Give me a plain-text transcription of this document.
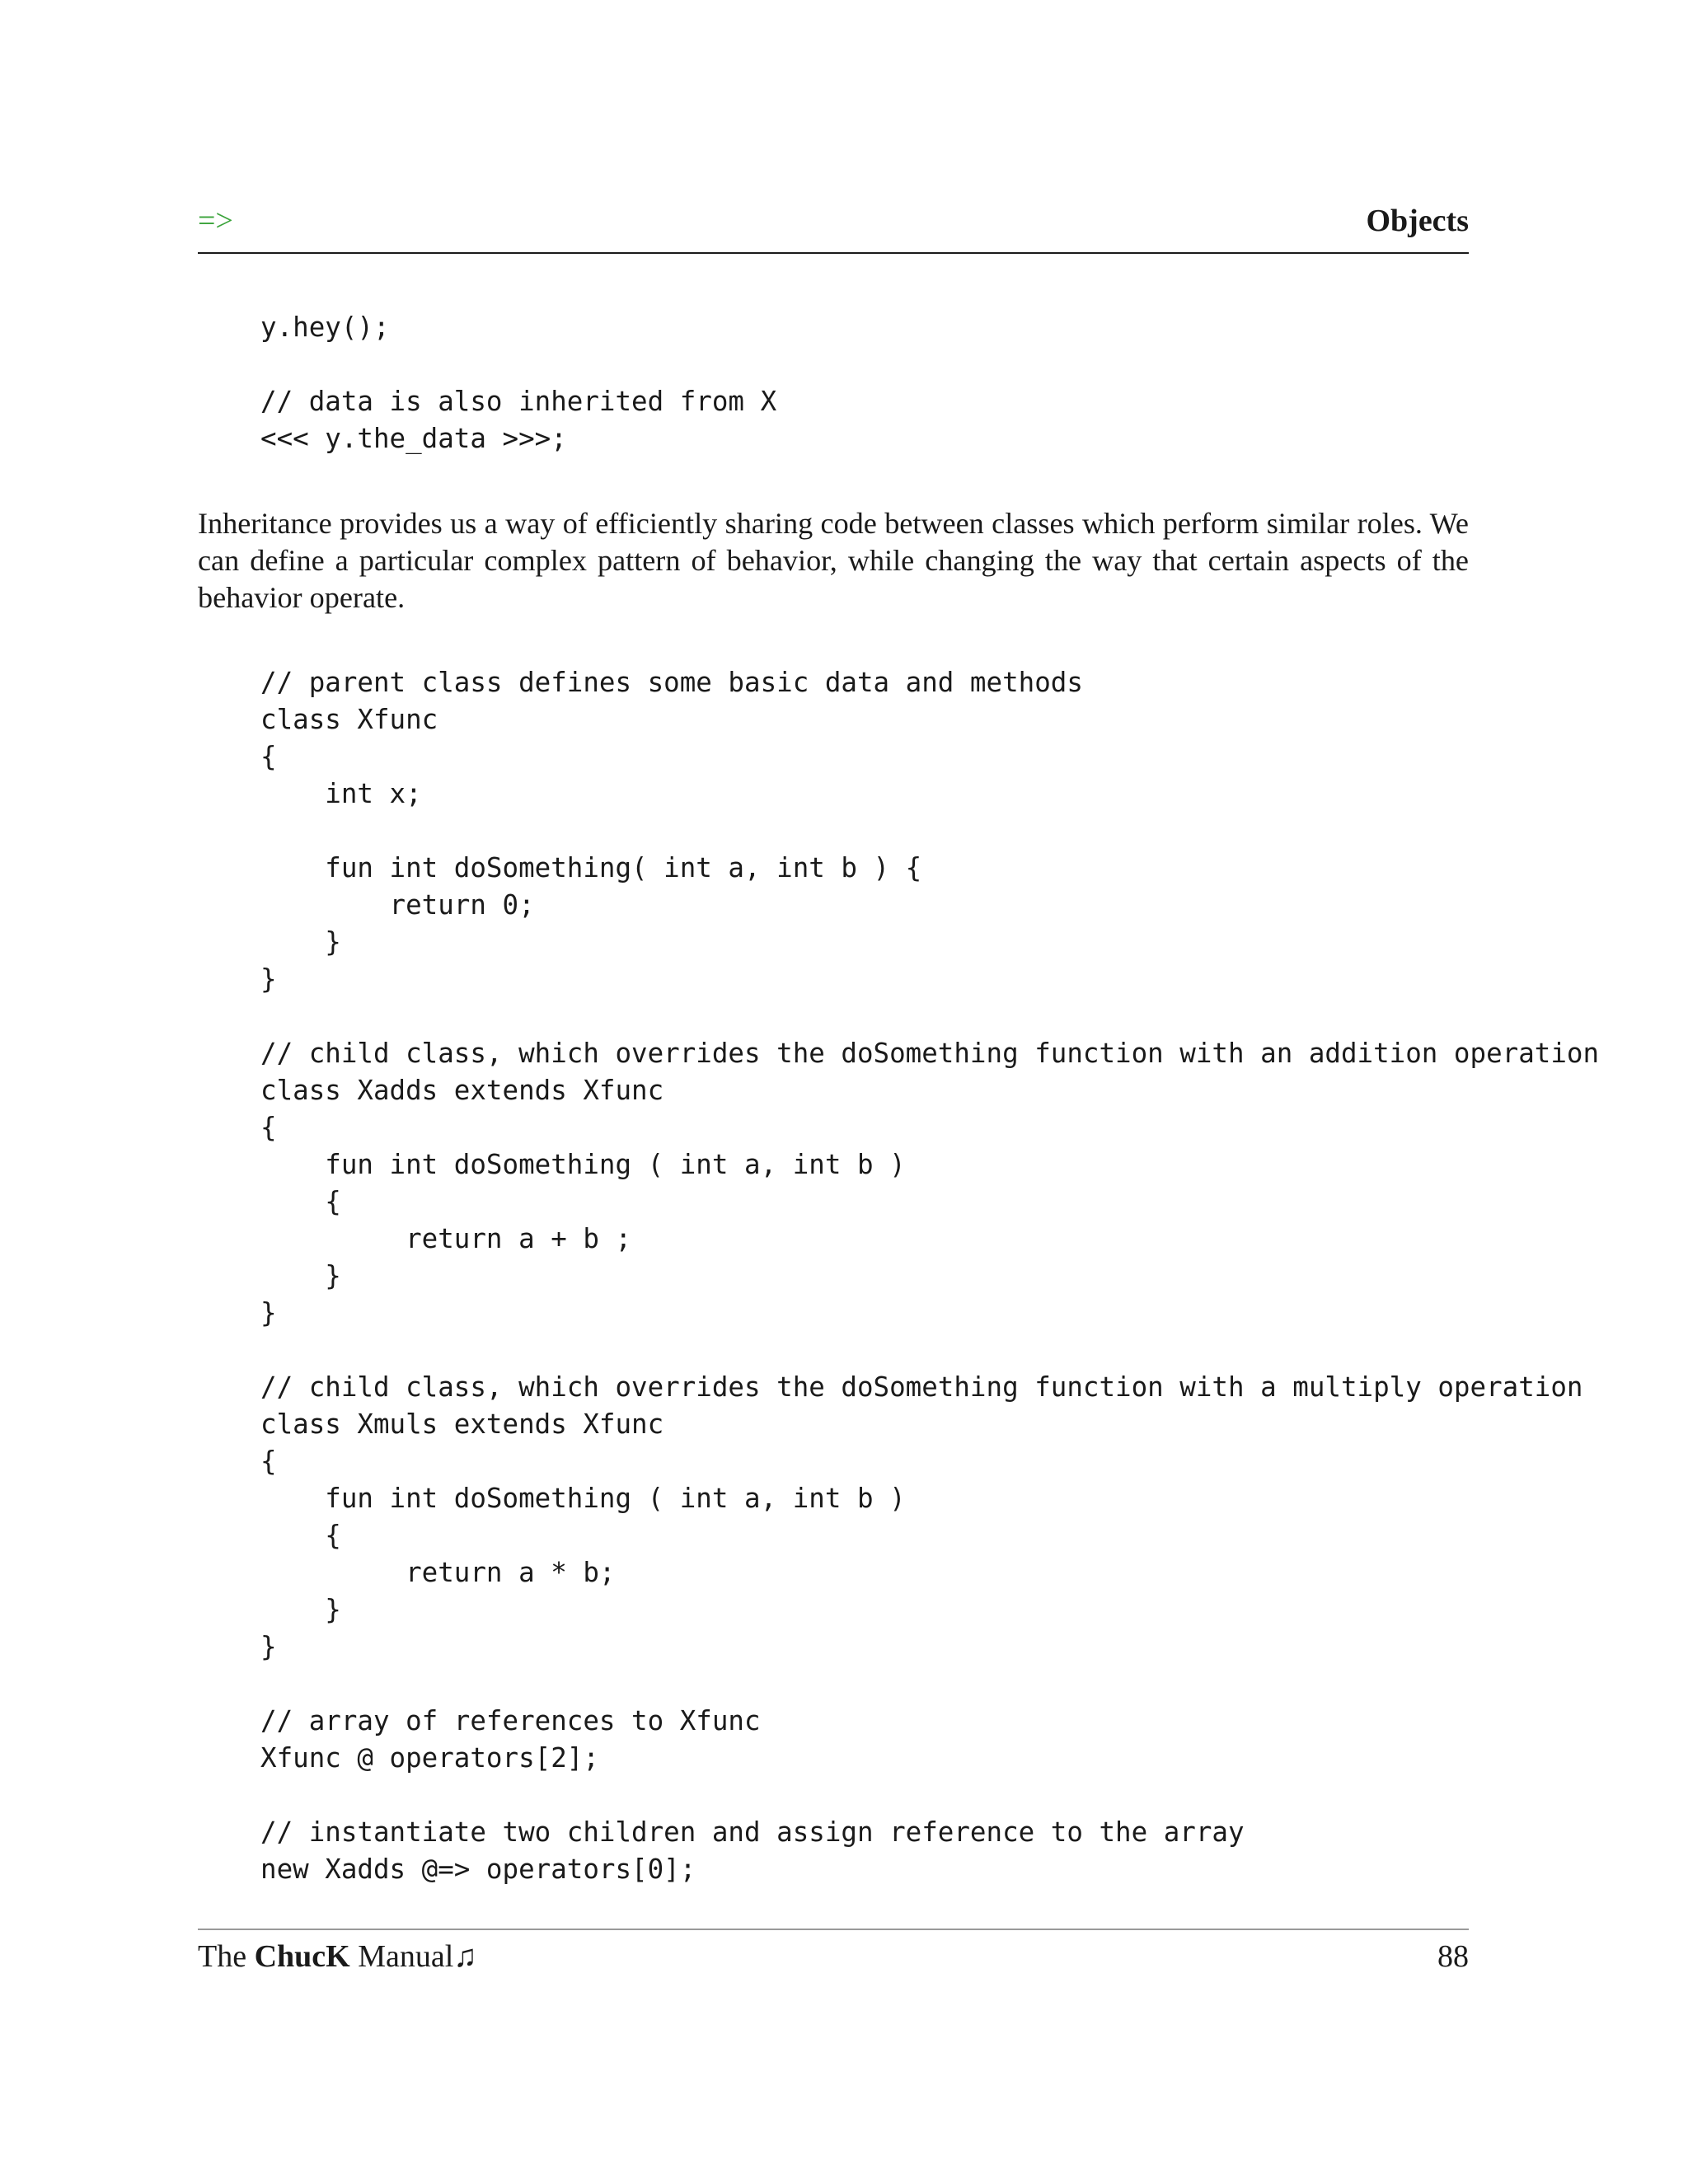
=>	Objects
y.hey();
// data is also inherited from X
<<< y.the_data >>>;

Inheritance provides us a way of efficiently sharing code between classes which perform similar roles. We can define a particular complex pattern of behavior, while changing the way that certain aspects of the behavior operate.

// parent class defines some basic data and methods
class Xfunc
{
int x;
fun int doSomething( int a, int b ) {
return 0;
}
}
// child class, which overrides the doSomething function with an addition operation
class Xadds extends Xfunc
{
fun int doSomething ( int a, int b )
{
return a + b ;
}
}
// child class, which overrides the doSomething function with a multiply operation
class Xmuls extends Xfunc
{
fun int doSomething ( int a, int b )
{
return a * b;
}
}
// array of references to Xfunc
Xfunc @ operators[2];
// instantiate two children and assign reference to the array
new Xadds @=> operators[0];
The ChucK Manual♫	88
